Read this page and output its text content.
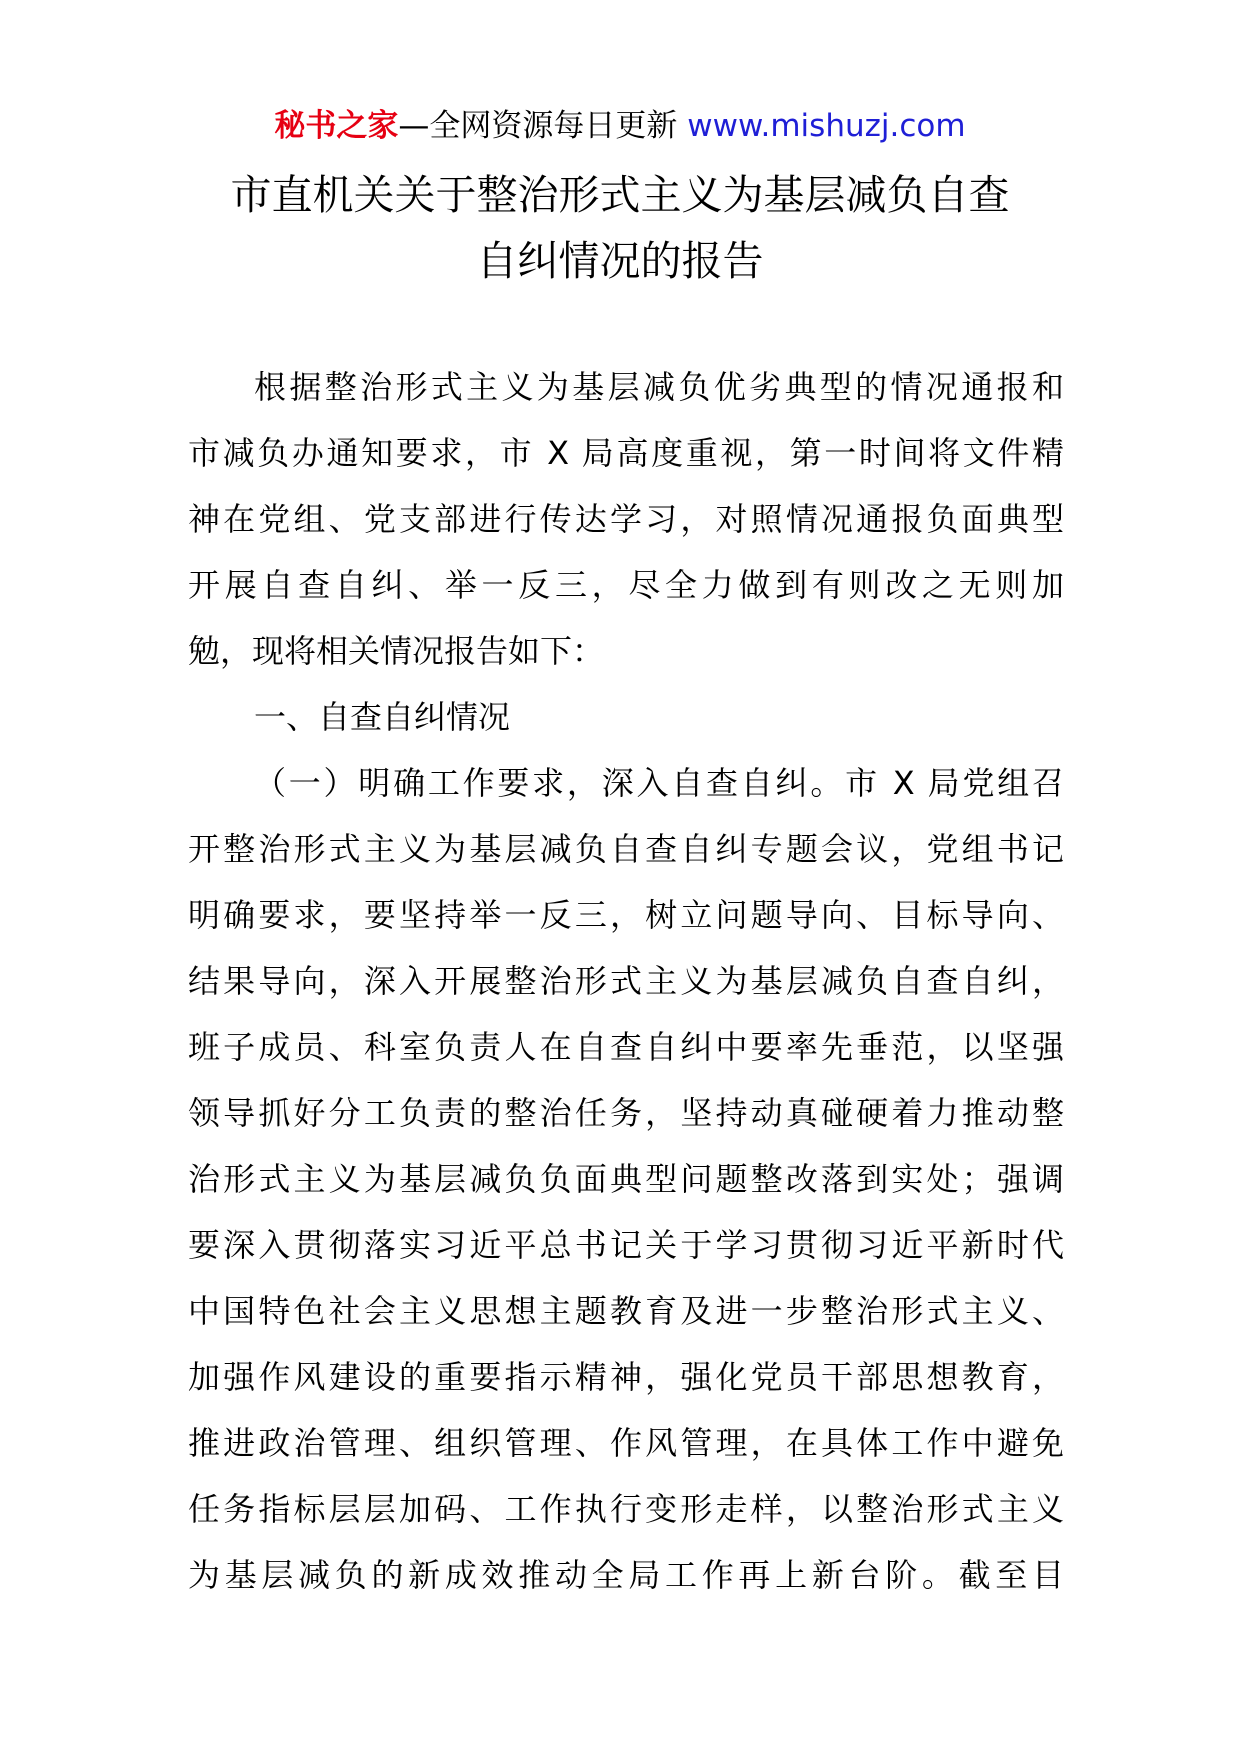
秘书之家—全网资源每日更新 www.mishuzj.com
市直机关关于整治形式主义为基层减负自查
自纠情况的报告
根据整治形式主义为基层减负优劣典型的情况通报和
市减负办通知要求，市 X 局高度重视，第一时间将文件精
神在党组、党支部进行传达学习，对照情况通报负面典型
开展自查自纠、举一反三，尽全力做到有则改之无则加
勉，现将相关情况报告如下：
一、自查自纠情况
（一）明确工作要求，深入自查自纠。市 X 局党组召
开整治形式主义为基层减负自查自纠专题会议，党组书记
明确要求，要坚持举一反三，树立问题导向、目标导向、
结果导向，深入开展整治形式主义为基层减负自查自纠，
班子成员、科室负责人在自查自纠中要率先垂范，以坚强
领导抓好分工负责的整治任务，坚持动真碰硬着力推动整
治形式主义为基层减负负面典型问题整改落到实处；强调
要深入贯彻落实习近平总书记关于学习贯彻习近平新时代
中国特色社会主义思想主题教育及进一步整治形式主义、
加强作风建设的重要指示精神，强化党员干部思想教育，
推进政治管理、组织管理、作风管理，在具体工作中避免
任务指标层层加码、工作执行变形走样，以整治形式主义
为基层减负的新成效推动全局工作再上新台阶。截至目
